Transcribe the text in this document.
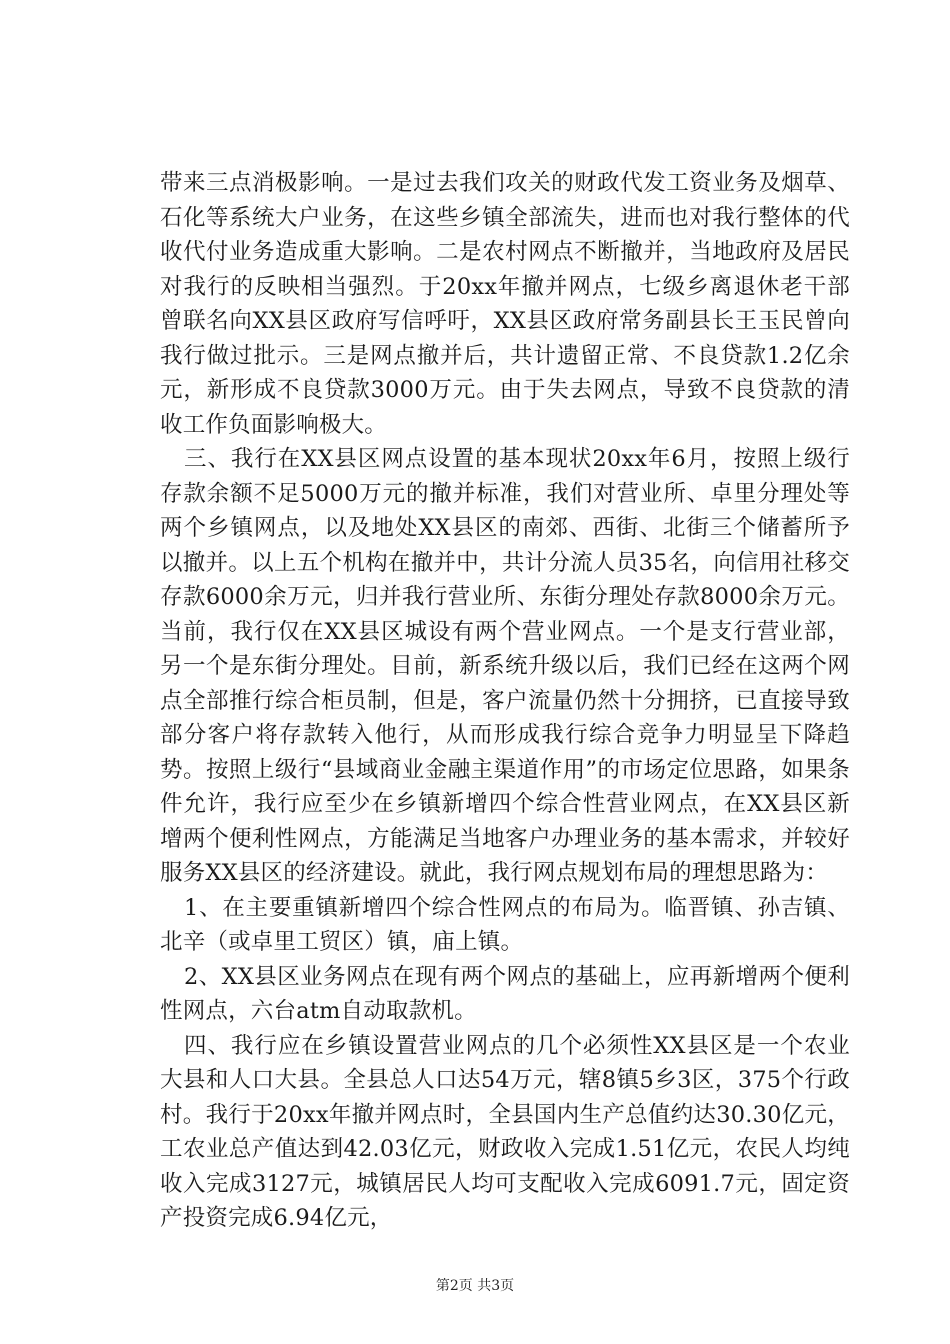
带来三点消极影响。一是过去我们攻关的财政代发工资业务及烟草、石化等系统大户业务，在这些乡镇全部流失，进而也对我行整体的代收代付业务造成重大影响。二是农村网点不断撤并，当地政府及居民对我行的反映相当强烈。于20xx年撤并网点，七级乡离退休老干部曾联名向XX县区政府写信呼吁，XX县区政府常务副县长王玉民曾向我行做过批示。三是网点撤并后，共计遗留正常、不良贷款1.2亿余元，新形成不良贷款3000万元。由于失去网点，导致不良贷款的清收工作负面影响极大。

三、我行在XX县区网点设置的基本现状20xx年6月，按照上级行存款余额不足5000万元的撤并标准，我们对营业所、卓里分理处等两个乡镇网点，以及地处XX县区的南郊、西街、北街三个储蓄所予以撤并。以上五个机构在撤并中，共计分流人员35名，向信用社移交存款6000余万元，归并我行营业所、东街分理处存款8000余万元。当前，我行仅在XX县区城设有两个营业网点。一个是支行营业部，另一个是东街分理处。目前，新系统升级以后，我们已经在这两个网点全部推行综合柜员制，但是，客户流量仍然十分拥挤，已直接导致部分客户将存款转入他行，从而形成我行综合竞争力明显呈下降趋势。按照上级行“县域商业金融主渠道作用”的市场定位思路，如果条件允许，我行应至少在乡镇新增四个综合性营业网点，在XX县区新增两个便利性网点，方能满足当地客户办理业务的基本需求，并较好服务XX县区的经济建设。就此，我行网点规划布局的理想思路为：

1、在主要重镇新增四个综合性网点的布局为。临晋镇、孙吉镇、北辛（或卓里工贸区）镇，庙上镇。

2、XX县区业务网点在现有两个网点的基础上，应再新增两个便利性网点，六台atm自动取款机。

四、我行应在乡镇设置营业网点的几个必须性XX县区是一个农业大县和人口大县。全县总人口达54万元，辖8镇5乡3区，375个行政村。我行于20xx年撤并网点时，全县国内生产总值约达30.30亿元，工农业总产值达到42.03亿元，财政收入完成1.51亿元，农民人均纯收入完成3127元，城镇居民人均可支配收入完成6091.7元，固定资产投资完成6.94亿元，

第2页 共3页
